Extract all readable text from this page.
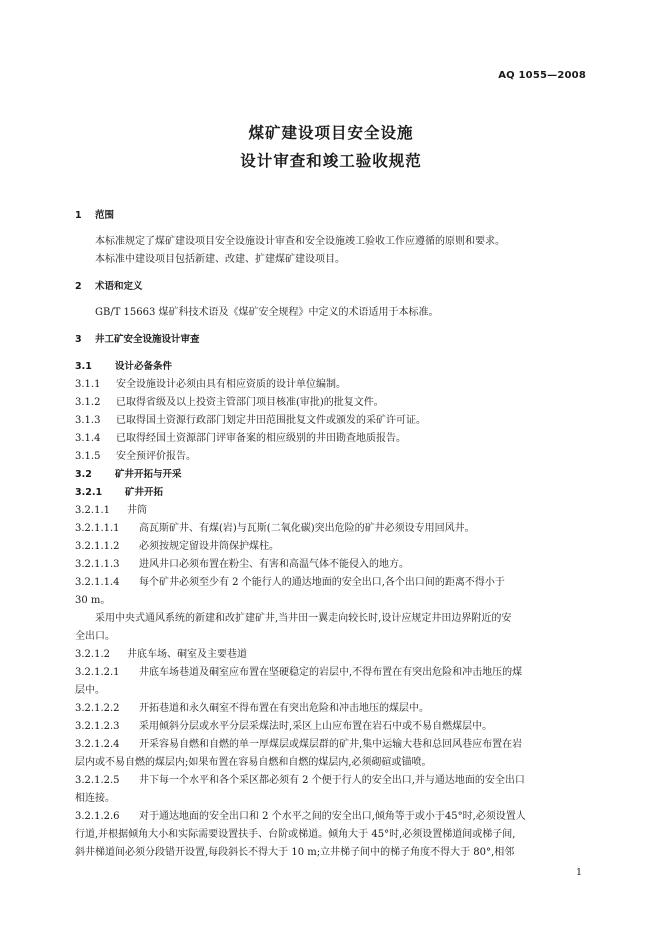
AQ 1055—2008
煤矿建设项目安全设施
设计审查和竣工验收规范
1 范围
本标准规定了煤矿建设项目安全设施设计审查和安全设施竣工验收工作应遵循的原则和要求。
本标准中建设项目包括新建、改建、扩建煤矿建设项目。
2 术语和定义
GB/T 15663 煤矿科技术语及《煤矿安全规程》中定义的术语适用于本标准。
3 井工矿安全设施设计审查
3.1 设计必备条件
3.1.1 安全设施设计必须由具有相应资质的设计单位编制。
3.1.2 已取得省级及以上投资主管部门项目核准(审批)的批复文件。
3.1.3 已取得国土资源行政部门划定井田范围批复文件或颁发的采矿许可证。
3.1.4 已取得经国土资源部门评审备案的相应级别的井田勘查地质报告。
3.1.5 安全预评价报告。
3.2 矿井开拓与开采
3.2.1 矿井开拓
3.2.1.1 井筒
3.2.1.1.1 高瓦斯矿井、有煤(岩)与瓦斯(二氧化碳)突出危险的矿井必须设专用回风井。
3.2.1.1.2 必须按规定留设井筒保护煤柱。
3.2.1.1.3 进风井口必须布置在粉尘、有害和高温气体不能侵入的地方。
3.2.1.1.4 每个矿井必须至少有 2 个能行人的通达地面的安全出口,各个出口间的距离不得小于
30 m。
采用中央式通风系统的新建和改扩建矿井,当井田一翼走向较长时,设计应规定井田边界附近的安
全出口。
3.2.1.2 井底车场、硐室及主要巷道
3.2.1.2.1 井底车场巷道及硐室应布置在坚硬稳定的岩层中,不得布置在有突出危险和冲击地压的煤
层中。
3.2.1.2.2 开拓巷道和永久硐室不得布置在有突出危险和冲击地压的煤层中。
3.2.1.2.3 采用倾斜分层或水平分层采煤法时,采区上山应布置在岩石中或不易自燃煤层中。
3.2.1.2.4 开采容易自燃和自燃的单一厚煤层或煤层群的矿井,集中运输大巷和总回风巷应布置在岩
层内或不易自燃的煤层内;如果布置在容易自燃和自燃的煤层内,必须砌碹或锚喷。
3.2.1.2.5 井下每一个水平和各个采区都必须有 2 个便于行人的安全出口,并与通达地面的安全出口
相连接。
3.2.1.2.6 对于通达地面的安全出口和 2 个水平之间的安全出口,倾角等于或小于45°时,必须设置人
行道,并根据倾角大小和实际需要设置扶手、台阶或梯道。倾角大于 45°时,必须设置梯道间或梯子间,
斜井梯道间必须分段错开设置,每段斜长不得大于 10 m;立井梯子间中的梯子角度不得大于 80°,相邻
1
